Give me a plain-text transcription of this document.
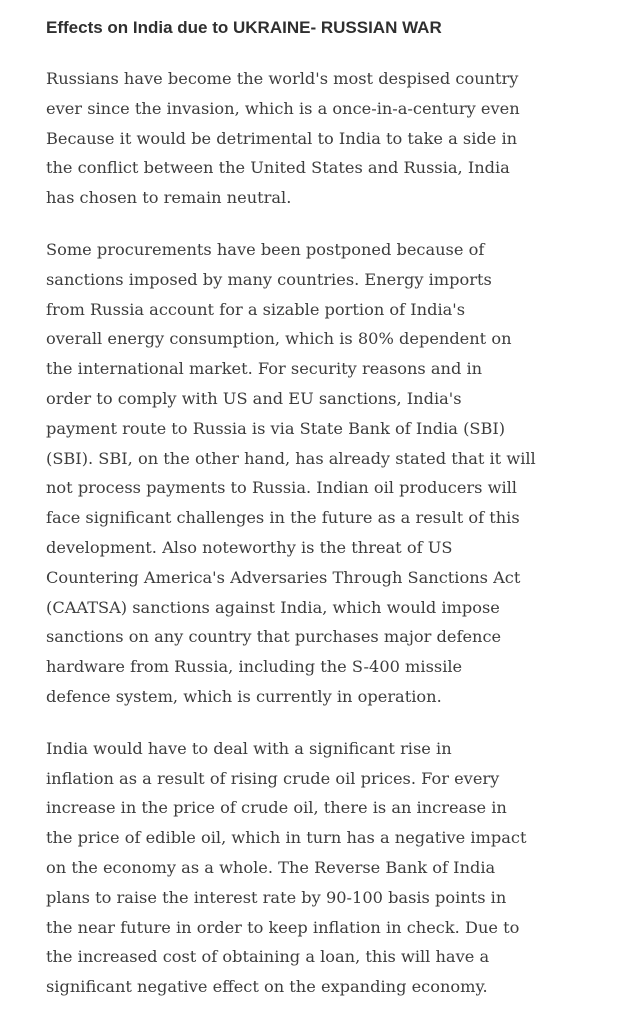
Effects on India due to UKRAINE- RUSSIAN WAR
Russians have become the world's most despised country
ever since the invasion, which is a once-in-a-century even
Because it would be detrimental to India to take a side in
the conflict between the United States and Russia, India
has chosen to remain neutral.
Some procurements have been postponed because of
sanctions imposed by many countries. Energy imports
from Russia account for a sizable portion of India's
overall energy consumption, which is 80% dependent on
the international market. For security reasons and in
order to comply with US and EU sanctions, India's
payment route to Russia is via State Bank of India (SBI)
(SBI). SBI, on the other hand, has already stated that it will
not process payments to Russia. Indian oil producers will
face significant challenges in the future as a result of this
development. Also noteworthy is the threat of US
Countering America's Adversaries Through Sanctions Act
(CAATSA) sanctions against India, which would impose
sanctions on any country that purchases major defence
hardware from Russia, including the S-400 missile
defence system, which is currently in operation.
India would have to deal with a significant rise in
inflation as a result of rising crude oil prices. For every
increase in the price of crude oil, there is an increase in
the price of edible oil, which in turn has a negative impact
on the economy as a whole. The Reverse Bank of India
plans to raise the interest rate by 90-100 basis points in
the near future in order to keep inflation in check. Due to
the increased cost of obtaining a loan, this will have a
significant negative effect on the expanding economy.
